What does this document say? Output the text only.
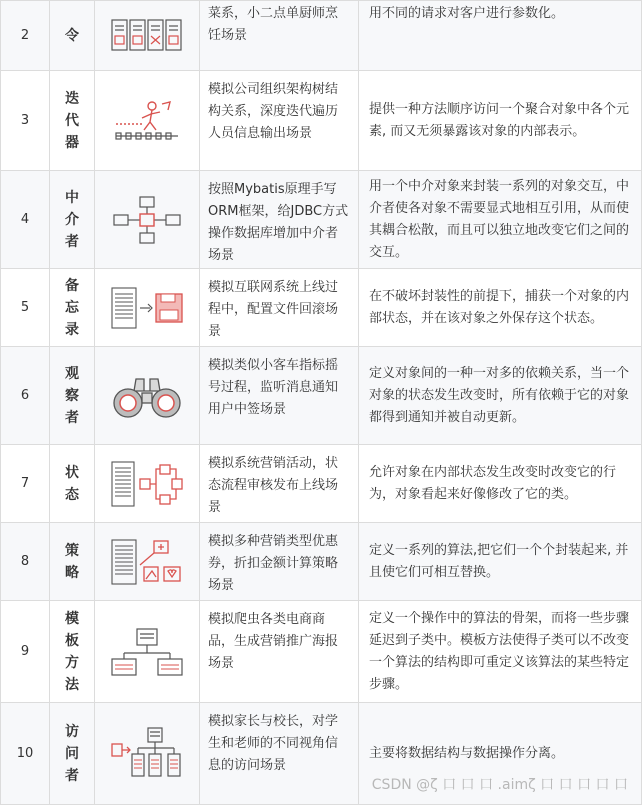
2	令		菜系，小二点单厨师烹饪场景	用不同的请求对客户进行参数化。

3	迭
代
器		模拟公司组织架构树结构关系，深度迭代遍历人员信息输出场景	提供一种方法顺序访问一个聚合对象中各个元素, 而又无须暴露该对象的内部表示。

4	中
介
者		按照Mybatis原理手写ORM框架，给JDBC方式操作数据库增加中介者场景	用一个中介对象来封装一系列的对象交互，中介者使各对象不需要显式地相互引用，从而使其耦合松散，而且可以独立地改变它们之间的交互。

5	备
忘
录		模拟互联网系统上线过程中，配置文件回滚场景	在不破坏封装性的前提下，捕获一个对象的内部状态，并在该对象之外保存这个状态。

6	观
察
者		模拟类似小客车指标摇号过程，监听消息通知用户中签场景	定义对象间的一种一对多的依赖关系，当一个对象的状态发生改变时，所有依赖于它的对象都得到通知并被自动更新。

7	状
态		模拟系统营销活动，状态流程审核发布上线场景	允许对象在内部状态发生改变时改变它的行为，对象看起来好像修改了它的类。

8	策
略		模拟多种营销类型优惠券，折扣金额计算策略场景	定义一系列的算法,把它们一个个封装起来, 并且使它们可相互替换。

9	模
板
方
法		模拟爬虫各类电商商品，生成营销推广海报场景	定义一个操作中的算法的骨架，而将一些步骤延迟到子类中。模板方法使得子类可以不改变一个算法的结构即可重定义该算法的某些特定步骤。

10	访
问
者		模拟家长与校长，对学生和老师的不同视角信息的访问场景	主要将数据结构与数据操作分离。
CSDN @ζ 口 口 口 .aimζ 口 口 口 口 口
